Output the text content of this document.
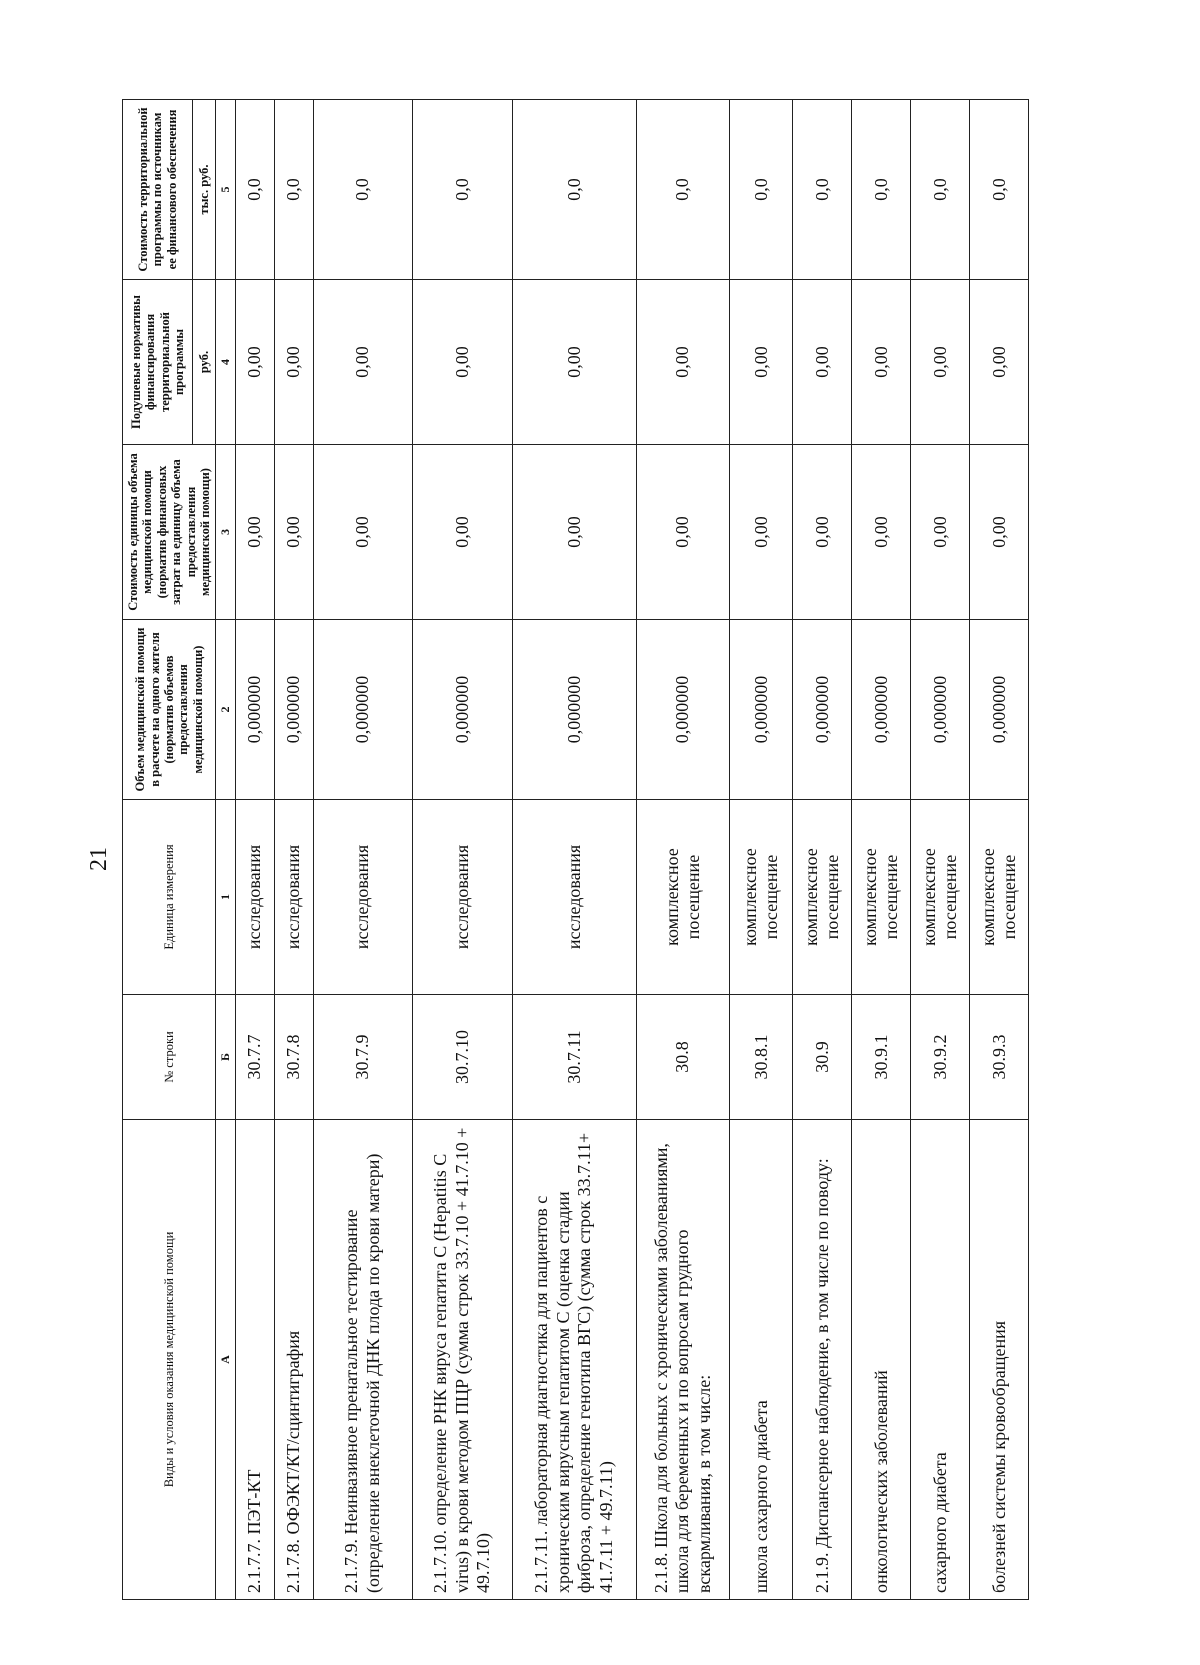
21
Виды и условия оказания медицинской помощи	№ строки	Единица измерения	Объем медицинской помощи в расчете на одного жителя (норматив объемов предоставления медицинской помощи)	Стоимость единицы объема медицинской помощи (норматив финансовых затрат на единицу объема предоставления медицинской помощи)	Подушевые нормативы финансирования территориальной программы	Стоимость территориальной программы по источникам ее финансового обеспечения
					руб.	тыс. руб.
А	Б	1	2	3	4	5
2.1.7.7. ПЭТ-КТ	30.7.7	исследования	0,000000	0,00	0,00	0,0
2.1.7.8. ОФЭКТ/КТ/сцинтиграфия	30.7.8	исследования	0,000000	0,00	0,00	0,0
2.1.7.9. Неинвазивное пренатальное тестирование (определение внеклеточной ДНК плода по крови матери)	30.7.9	исследования	0,000000	0,00	0,00	0,0
2.1.7.10. определение РНК вируса гепатита С (Hepatitis С virus) в крови методом ПЦР (сумма строк 33.7.10 + 41.7.10 + 49.7.10)	30.7.10	исследования	0,000000	0,00	0,00	0,0
2.1.7.11. лабораторная диагностика для пациентов с хроническим вирусным гепатитом С (оценка стадии фиброза, определение генотипа ВГС) (сумма строк 33.7.11+ 41.7.11 + 49.7.11)	30.7.11	исследования	0,000000	0,00	0,00	0,0
2.1.8. Школа для больных с хроническими заболеваниями, школа для беременных и по вопросам грудного вскармливания, в том числе:	30.8	комплексное посещение	0,000000	0,00	0,00	0,0
школа сахарного диабета	30.8.1	комплексное посещение	0,000000	0,00	0,00	0,0
2.1.9. Диспансерное наблюдение, в том числе по поводу:	30.9	комплексное посещение	0,000000	0,00	0,00	0,0
онкологических заболеваний	30.9.1	комплексное посещение	0,000000	0,00	0,00	0,0
сахарного диабета	30.9.2	комплексное посещение	0,000000	0,00	0,00	0,0
болезней системы кровообращения	30.9.3	комплексное посещение	0,000000	0,00	0,00	0,0
